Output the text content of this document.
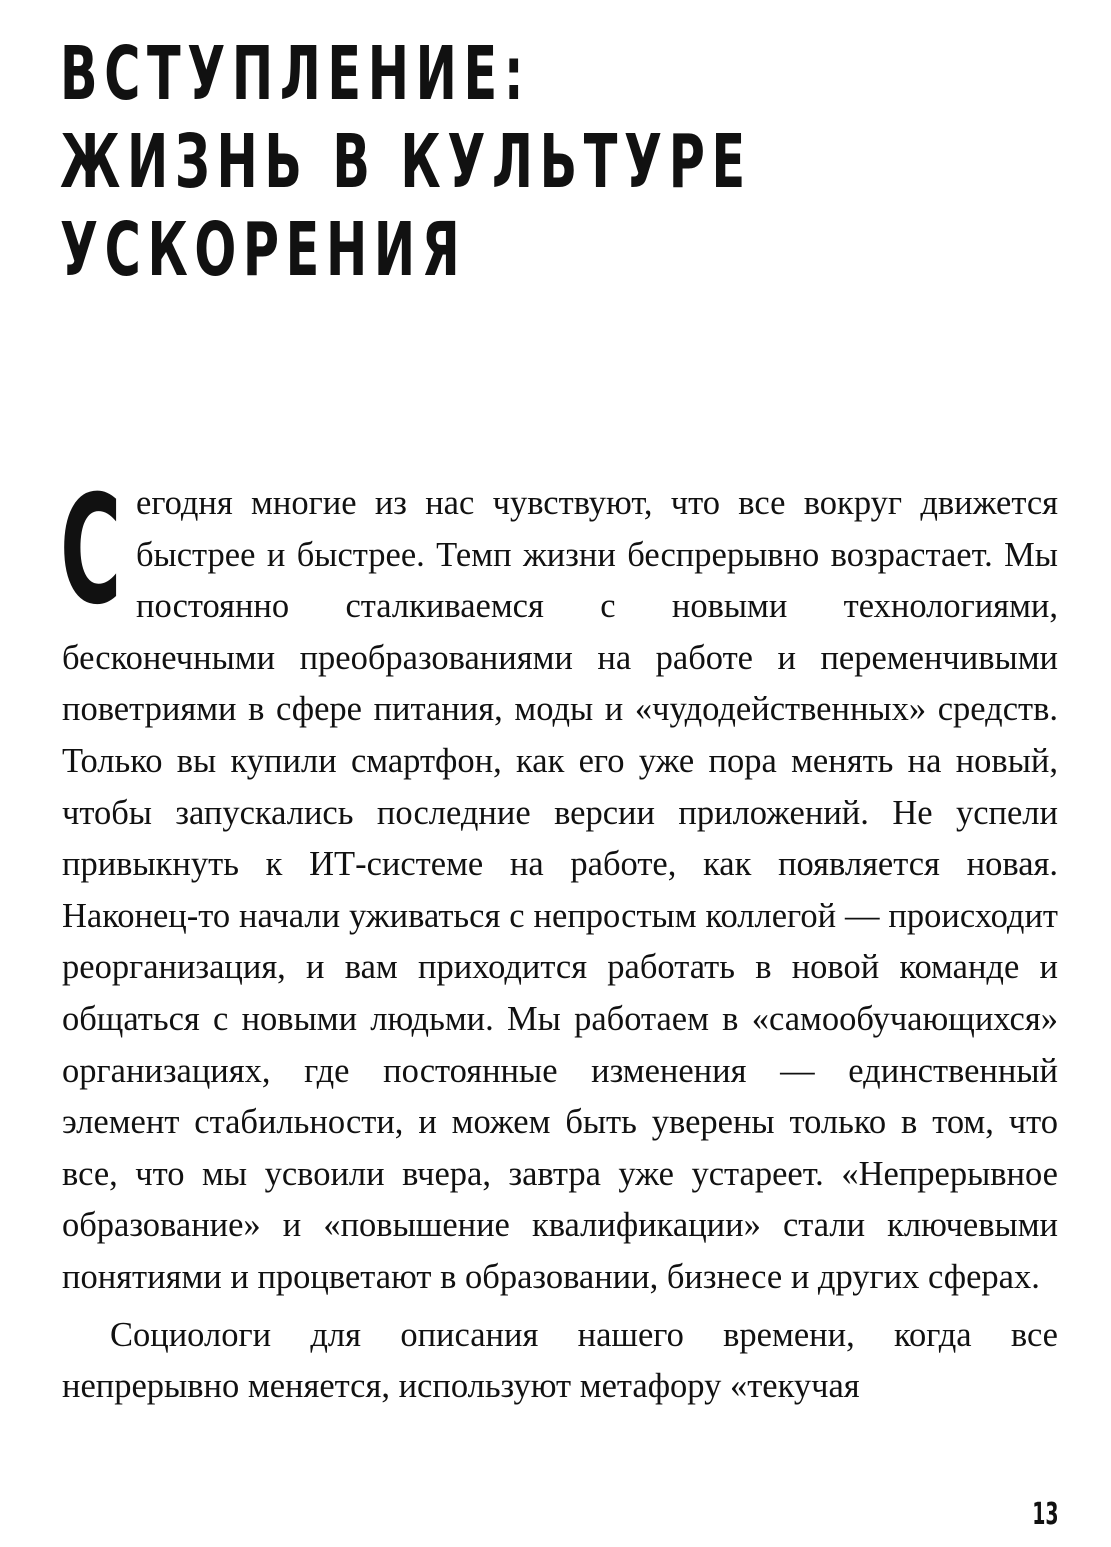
ВСТУПЛЕНИЕ:
ЖИЗНЬ В КУЛЬТУРЕ
УСКОРЕНИЯ

Сегодня многие из нас чувствуют, что все вокруг движется быстрее и быстрее. Темп жизни беспрерывно возрастает. Мы постоянно сталкиваемся с новыми технологиями, бесконечными преобразованиями на работе и переменчивыми поветриями в сфере питания, моды и «чудодейственных» средств. Только вы купили смартфон, как его уже пора менять на новый, чтобы запускались последние версии приложений. Не успели привыкнуть к ИТ-системе на работе, как появляется новая. Наконец-то начали уживаться с непростым коллегой — происходит реорганизация, и вам приходится работать в новой команде и общаться с новыми людьми. Мы работаем в «самообучающихся» организациях, где постоянные изменения — единственный элемент стабильности, и можем быть уверены только в том, что все, что мы усвоили вчера, завтра уже устареет. «Непрерывное образование» и «повышение квалификации» стали ключевыми понятиями и процветают в образовании, бизнесе и других сферах.

Социологи для описания нашего времени, когда все непрерывно меняется, используют метафору «текучая

13
